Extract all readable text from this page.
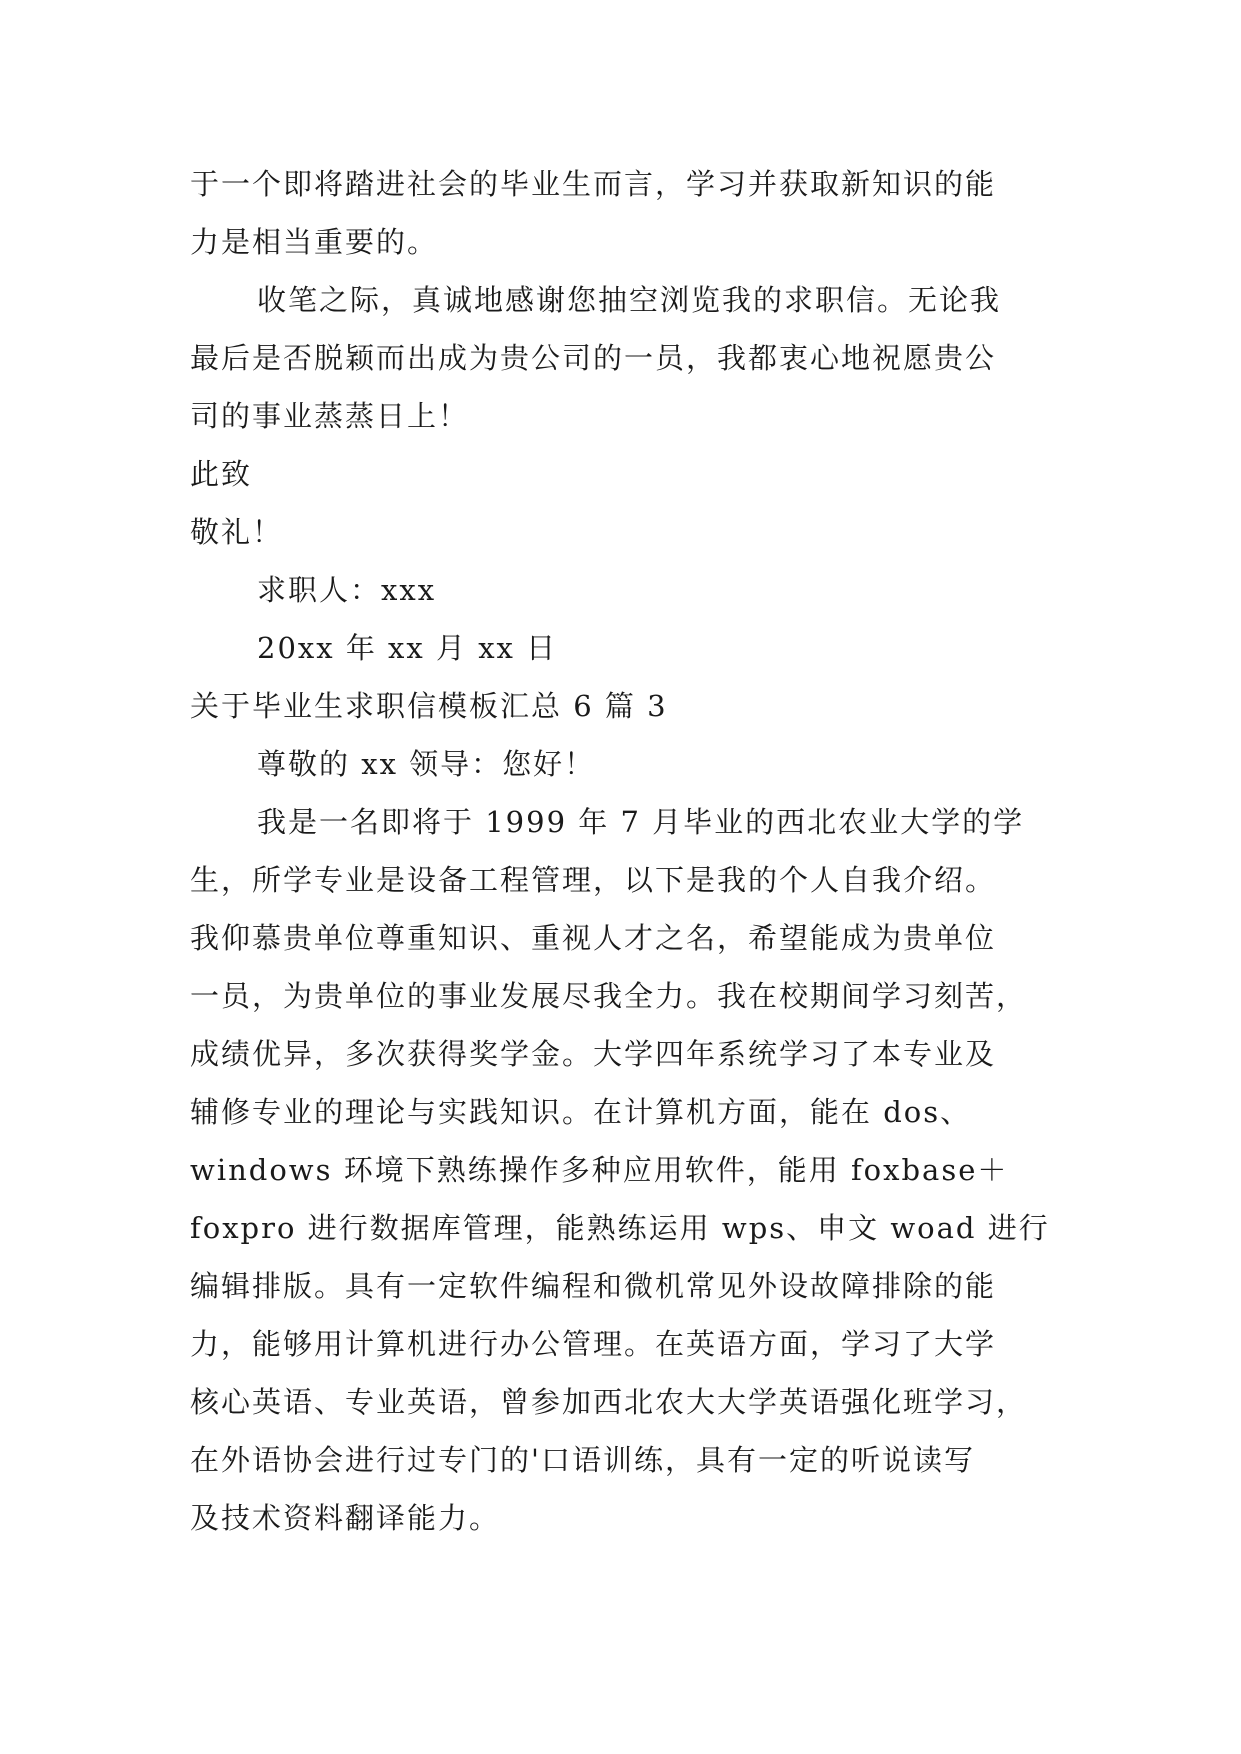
于一个即将踏进社会的毕业生而言，学习并获取新知识的能
力是相当重要的。
收笔之际，真诚地感谢您抽空浏览我的求职信。无论我
最后是否脱颖而出成为贵公司的一员，我都衷心地祝愿贵公
司的事业蒸蒸日上！
此致
敬礼！
求职人：xxx
20xx 年 xx 月 xx 日
关于毕业生求职信模板汇总 6 篇 3
尊敬的 xx 领导：您好！
我是一名即将于 1999 年 7 月毕业的西北农业大学的学
生，所学专业是设备工程管理，以下是我的个人自我介绍。
我仰慕贵单位尊重知识、重视人才之名，希望能成为贵单位
一员，为贵单位的事业发展尽我全力。我在校期间学习刻苦，
成绩优异，多次获得奖学金。大学四年系统学习了本专业及
辅修专业的理论与实践知识。在计算机方面，能在 dos、
windows 环境下熟练操作多种应用软件，能用 foxbase＋
foxpro 进行数据库管理，能熟练运用 wps、申文 woad 进行
编辑排版。具有一定软件编程和微机常见外设故障排除的能
力，能够用计算机进行办公管理。在英语方面，学习了大学
核心英语、专业英语，曾参加西北农大大学英语强化班学习，
在外语协会进行过专门的'口语训练，具有一定的听说读写
及技术资料翻译能力。
